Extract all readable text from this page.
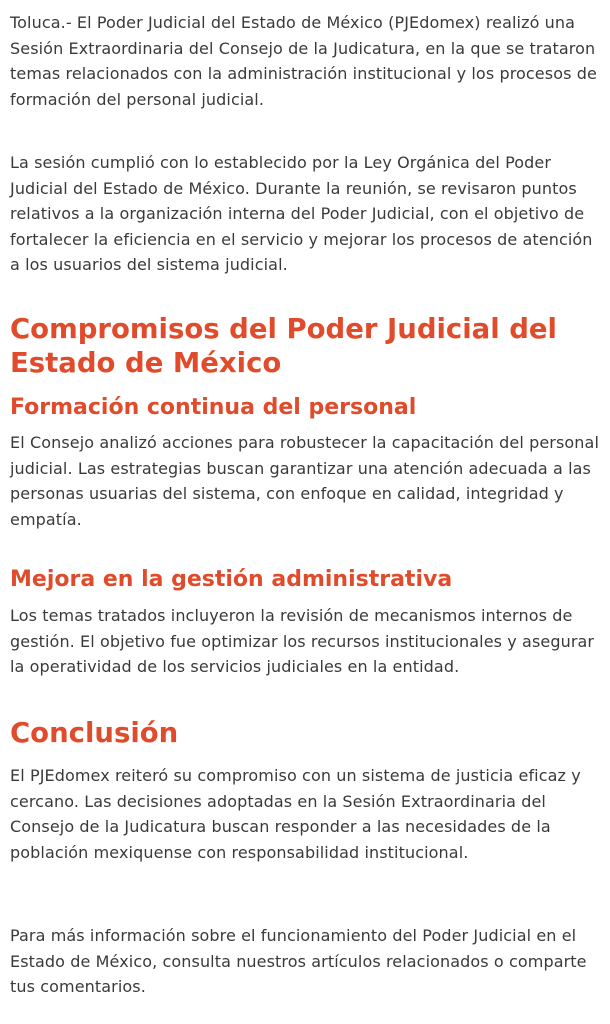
Toluca.- El Poder Judicial del Estado de México (PJEdomex) realizó una Sesión Extraordinaria del Consejo de la Judicatura, en la que se trataron temas relacionados con la administración institucional y los procesos de formación del personal judicial.

La sesión cumplió con lo establecido por la Ley Orgánica del Poder Judicial del Estado de México. Durante la reunión, se revisaron puntos relativos a la organización interna del Poder Judicial, con el objetivo de fortalecer la eficiencia en el servicio y mejorar los procesos de atención a los usuarios del sistema judicial.

Compromisos del Poder Judicial del Estado de México
Formación continua del personal

El Consejo analizó acciones para robustecer la capacitación del personal judicial. Las estrategias buscan garantizar una atención adecuada a las personas usuarias del sistema, con enfoque en calidad, integridad y empatía.

Mejora en la gestión administrativa

Los temas tratados incluyeron la revisión de mecanismos internos de gestión. El objetivo fue optimizar los recursos institucionales y asegurar la operatividad de los servicios judiciales en la entidad.

Conclusión

El PJEdomex reiteró su compromiso con un sistema de justicia eficaz y cercano. Las decisiones adoptadas en la Sesión Extraordinaria del Consejo de la Judicatura buscan responder a las necesidades de la población mexiquense con responsabilidad institucional.

Para más información sobre el funcionamiento del Poder Judicial en el Estado de México, consulta nuestros artículos relacionados o comparte tus comentarios.
